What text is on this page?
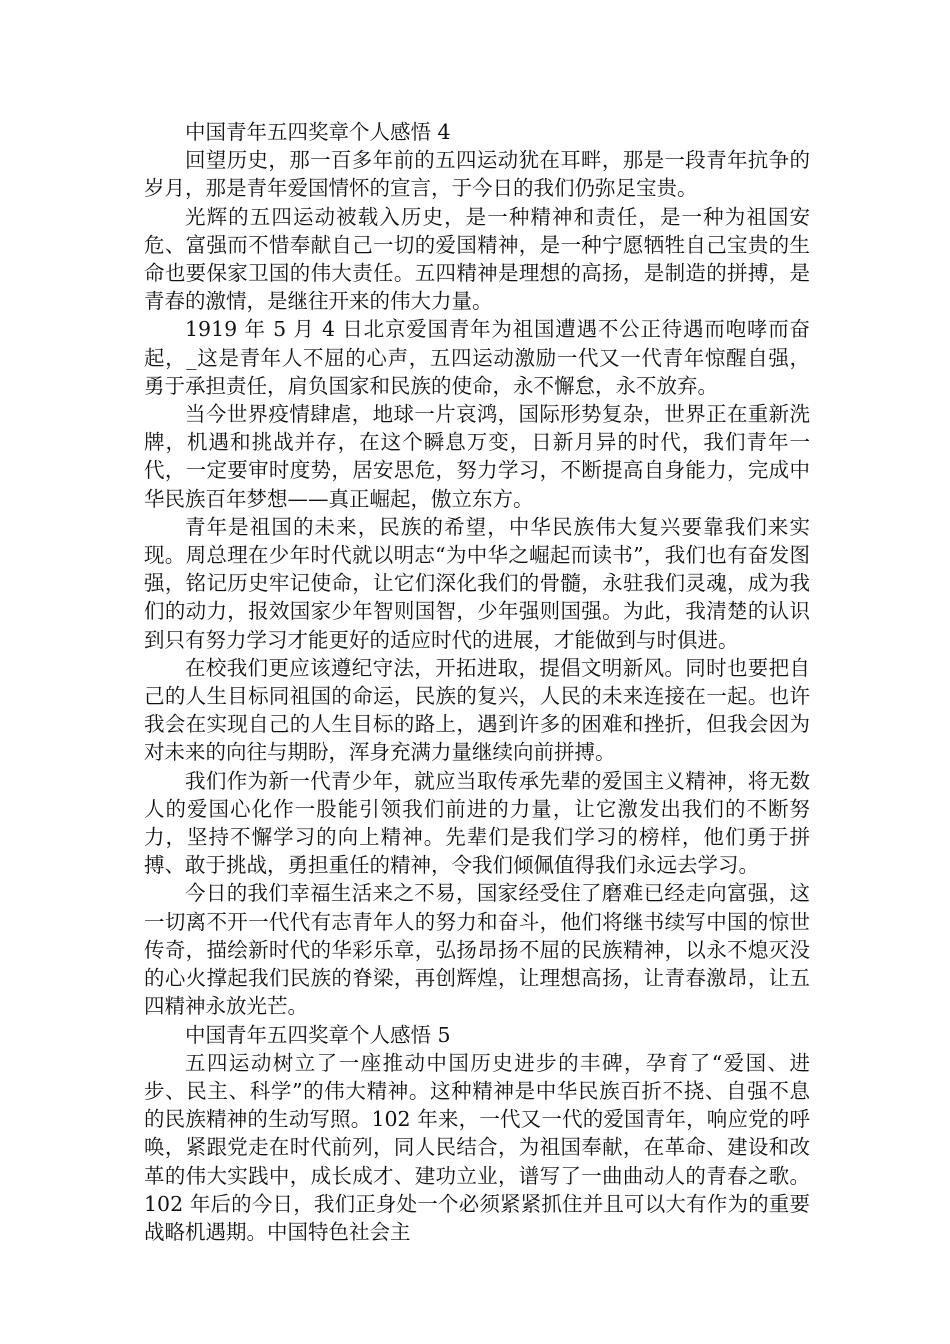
中国青年五四奖章个人感悟 4

回望历史，那一百多年前的五四运动犹在耳畔，那是一段青年抗争的岁月，那是青年爱国情怀的宣言，于今日的我们仍弥足宝贵。

光辉的五四运动被载入历史，是一种精神和责任，是一种为祖国安危、富强而不惜奉献自己一切的爱国精神，是一种宁愿牺牲自己宝贵的生命也要保家卫国的伟大责任。五四精神是理想的高扬，是制造的拼搏，是青春的激情，是继往开来的伟大力量。

1919 年 5 月 4 日北京爱国青年为祖国遭遇不公正待遇而咆哮而奋起，_这是青年人不屈的心声，五四运动激励一代又一代青年惊醒自强，勇于承担责任，肩负国家和民族的使命，永不懈怠，永不放弃。

当今世界疫情肆虐，地球一片哀鸿，国际形势复杂，世界正在重新洗牌，机遇和挑战并存，在这个瞬息万变，日新月异的时代，我们青年一代，一定要审时度势，居安思危，努力学习，不断提高自身能力，完成中华民族百年梦想——真正崛起，傲立东方。

青年是祖国的未来，民族的希望，中华民族伟大复兴要靠我们来实现。周总理在少年时代就以明志“为中华之崛起而读书”，我们也有奋发图强，铭记历史牢记使命，让它们深化我们的骨髓，永驻我们灵魂，成为我们的动力，报效国家少年智则国智，少年强则国强。为此，我清楚的认识到只有努力学习才能更好的适应时代的进展，才能做到与时俱进。

在校我们更应该遵纪守法，开拓进取，提倡文明新风。同时也要把自己的人生目标同祖国的命运，民族的复兴，人民的未来连接在一起。也许我会在实现自己的人生目标的路上，遇到许多的困难和挫折，但我会因为对未来的向往与期盼，浑身充满力量继续向前拼搏。

我们作为新一代青少年，就应当取传承先辈的爱国主义精神，将无数人的爱国心化作一股能引领我们前进的力量，让它激发出我们的不断努力，坚持不懈学习的向上精神。先辈们是我们学习的榜样，他们勇于拼搏、敢于挑战，勇担重任的精神，令我们倾佩值得我们永远去学习。

今日的我们幸福生活来之不易，国家经受住了磨难已经走向富强，这一切离不开一代代有志青年人的努力和奋斗，他们将继书续写中国的惊世传奇，描绘新时代的华彩乐章，弘扬昂扬不屈的民族精神，以永不熄灭没的心火撑起我们民族的脊梁，再创辉煌，让理想高扬，让青春激昂，让五四精神永放光芒。

中国青年五四奖章个人感悟 5

五四运动树立了一座推动中国历史进步的丰碑，孕育了“爱国、进步、民主、科学”的伟大精神。这种精神是中华民族百折不挠、自强不息的民族精神的生动写照。102 年来，一代又一代的爱国青年，响应党的呼唤，紧跟党走在时代前列，同人民结合，为祖国奉献，在革命、建设和改革的伟大实践中，成长成才、建功立业，谱写了一曲曲动人的青春之歌。102 年后的今日，我们正身处一个必须紧紧抓住并且可以大有作为的重要战略机遇期。中国特色社会主
